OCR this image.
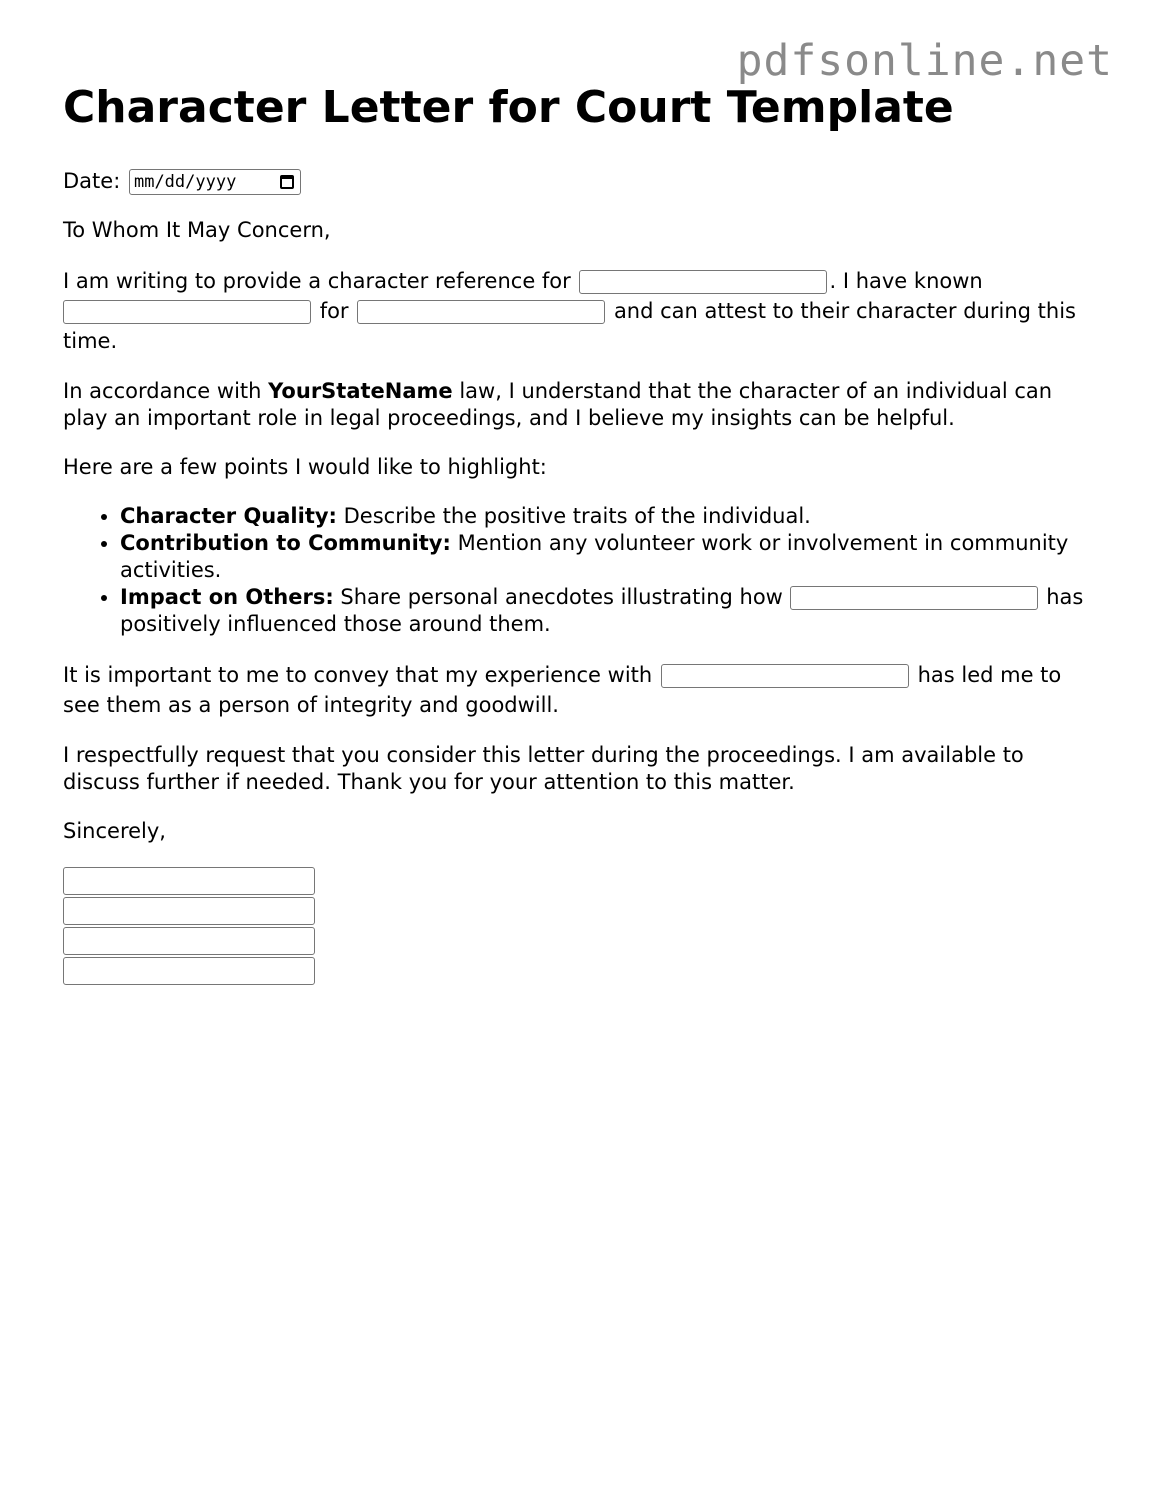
pdfsonline.net
Character Letter for Court Template

Date: mm/dd/yyyy

To Whom It May Concern,

I am writing to provide a character reference for	. I have known  for	and can attest to their character during this time.

In accordance with YourStateName law, I understand that the character of an individual can play an important role in legal proceedings, and I believe my insights can be helpful.

Here are a few points I would like to highlight:

• Character Quality: Describe the positive traits of the individual.
• Contribution to Community: Mention any volunteer work or involvement in community activities.
• Impact on Others: Share personal anecdotes illustrating how	has positively influenced those around them.

It is important to me to convey that my experience with	has led me to see them as a person of integrity and goodwill.

I respectfully request that you consider this letter during the proceedings. I am available to discuss further if needed. Thank you for your attention to this matter.

Sincerely,
